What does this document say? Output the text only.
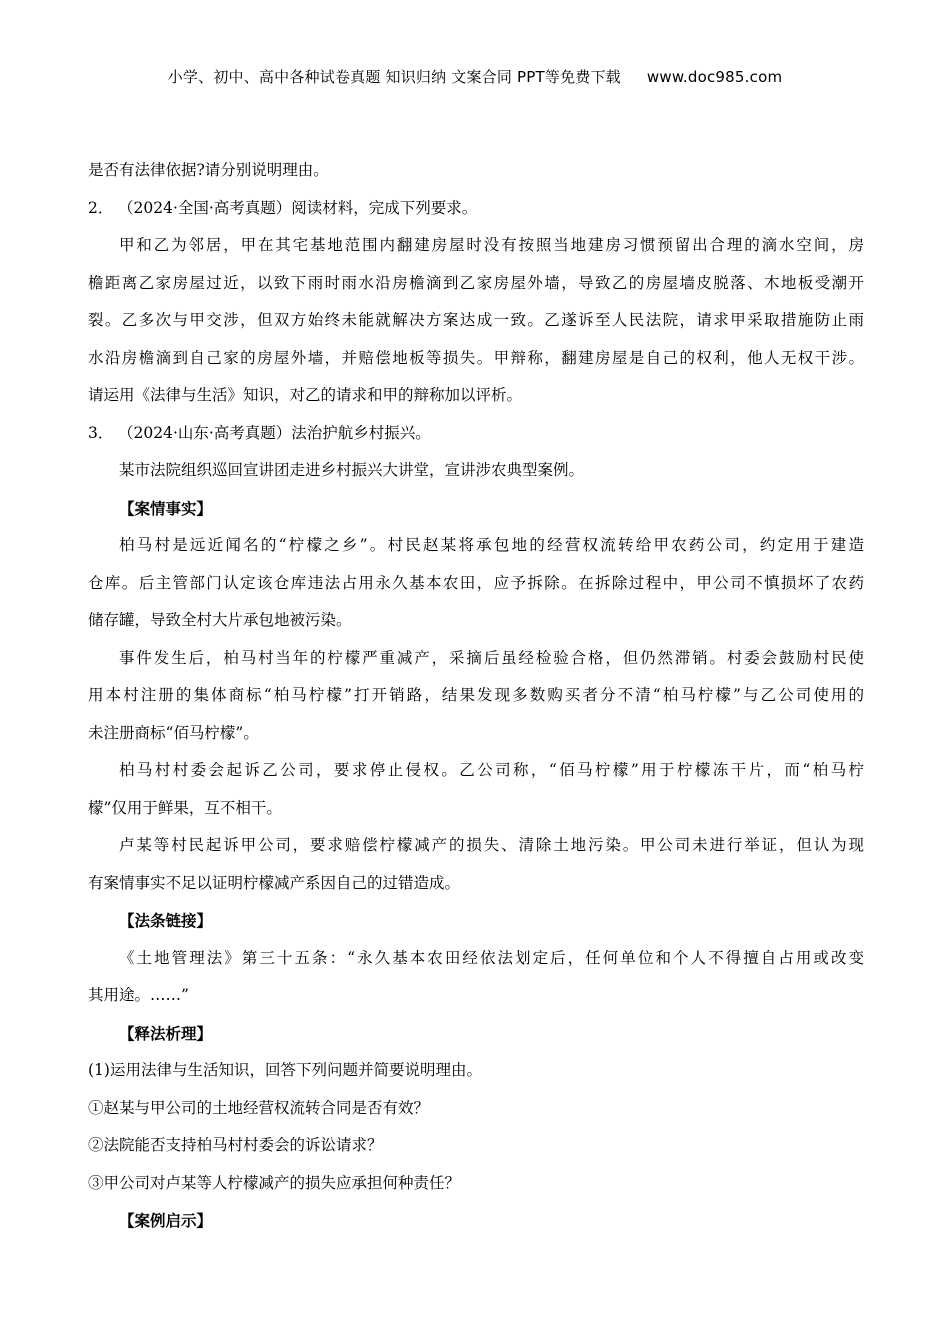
小学、初中、高中各种试卷真题 知识归纳 文案合同 PPT等免费下载 www.doc985.com
是否有法律依据?请分别说明理由。
2． （2024·全国·高考真题）阅读材料，完成下列要求。
甲和乙为邻居，甲在其宅基地范围内翻建房屋时没有按照当地建房习惯预留出合理的滴水空间，房
檐距离乙家房屋过近，以致下雨时雨水沿房檐滴到乙家房屋外墙，导致乙的房屋墙皮脱落、木地板受潮开
裂。乙多次与甲交涉，但双方始终未能就解决方案达成一致。乙遂诉至人民法院，请求甲采取措施防止雨
水沿房檐滴到自己家的房屋外墙，并赔偿地板等损失。甲辩称，翻建房屋是自己的权利，他人无权干涉。
请运用《法律与生活》知识，对乙的请求和甲的辩称加以评析。
3． （2024·山东·高考真题）法治护航乡村振兴。
某市法院组织巡回宣讲团走进乡村振兴大讲堂，宣讲涉农典型案例。
【案情事实】
柏马村是远近闻名的“柠檬之乡”。村民赵某将承包地的经营权流转给甲农药公司，约定用于建造
仓库。后主管部门认定该仓库违法占用永久基本农田，应予拆除。在拆除过程中，甲公司不慎损坏了农药
储存罐，导致全村大片承包地被污染。
事件发生后，柏马村当年的柠檬严重减产，采摘后虽经检验合格，但仍然滞销。村委会鼓励村民使
用本村注册的集体商标“柏马柠檬”打开销路，结果发现多数购买者分不清“柏马柠檬”与乙公司使用的
未注册商标“佰马柠檬”。
柏马村村委会起诉乙公司，要求停止侵权。乙公司称，“佰马柠檬”用于柠檬冻干片，而“柏马柠
檬”仅用于鲜果，互不相干。
卢某等村民起诉甲公司，要求赔偿柠檬减产的损失、清除土地污染。甲公司未进行举证，但认为现
有案情事实不足以证明柠檬减产系因自己的过错造成。
【法条链接】
《土地管理法》第三十五条：“永久基本农田经依法划定后，任何单位和个人不得擅自占用或改变
其用途。……”
【释法析理】
(1)运用法律与生活知识，回答下列问题并简要说明理由。
①赵某与甲公司的土地经营权流转合同是否有效？
②法院能否支持柏马村村委会的诉讼请求？
③甲公司对卢某等人柠檬减产的损失应承担何种责任？
【案例启示】
